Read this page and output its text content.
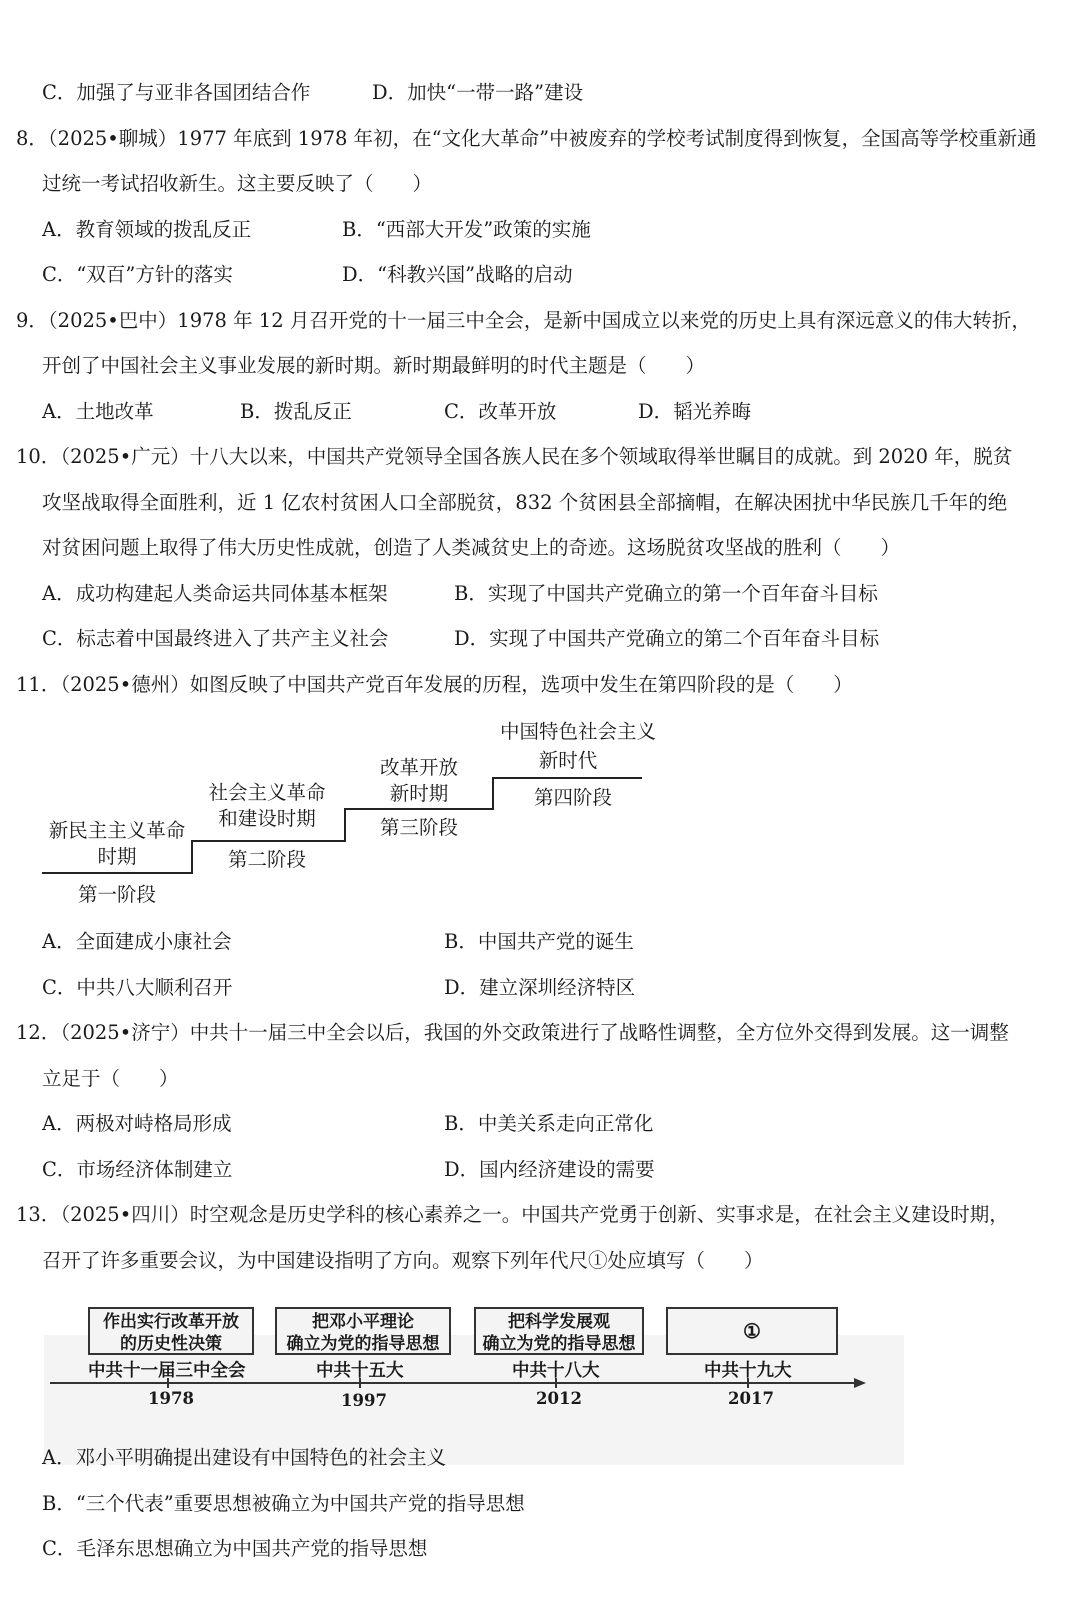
C．加强了与亚非各国团结合作	D．加快“一带一路”建设
8．（2025•聊城）1977 年底到 1978 年初，在“文化大革命”中被废弃的学校考试制度得到恢复，全国高等学校重新通
过统一考试招收新生。这主要反映了（　　）
A．教育领域的拨乱反正	B．“西部大开发”政策的实施
C．“双百”方针的落实	D．“科教兴国”战略的启动
9．（2025•巴中）1978 年 12 月召开党的十一届三中全会，是新中国成立以来党的历史上具有深远意义的伟大转折，
开创了中国社会主义事业发展的新时期。新时期最鲜明的时代主题是（　　）
A．土地改革	B．拨乱反正	C．改革开放	D．韬光养晦
10．（2025•广元）十八大以来，中国共产党领导全国各族人民在多个领域取得举世瞩目的成就。到 2020 年，脱贫
攻坚战取得全面胜利，近 1 亿农村贫困人口全部脱贫，832 个贫困县全部摘帽，在解决困扰中华民族几千年的绝
对贫困问题上取得了伟大历史性成就，创造了人类减贫史上的奇迹。这场脱贫攻坚战的胜利（　　）
A．成功构建起人类命运共同体基本框架	B．实现了中国共产党确立的第一个百年奋斗目标
C．标志着中国最终进入了共产主义社会	D．实现了中国共产党确立的第二个百年奋斗目标
11．（2025•德州）如图反映了中国共产党百年发展的历程，选项中发生在第四阶段的是（　　）
新民主主义革命
时期
第一阶段
社会主义革命
和建设时期
第二阶段
改革开放
新时期
第三阶段
中国特色社会主义
新时代
第四阶段
A．全面建成小康社会	B．中国共产党的诞生
C．中共八大顺利召开	D．建立深圳经济特区
12．（2025•济宁）中共十一届三中全会以后，我国的外交政策进行了战略性调整，全方位外交得到发展。这一调整
立足于（　　）
A．两极对峙格局形成	B．中美关系走向正常化
C．市场经济体制建立	D．国内经济建设的需要
13．（2025•四川）时空观念是历史学科的核心素养之一。中国共产党勇于创新、实事求是，在社会主义建设时期，
召开了许多重要会议，为中国建设指明了方向。观察下列年代尺①处应填写（　　）
作出实行改革开放
的历史性决策
把邓小平理论
确立为党的指导思想
把科学发展观
确立为党的指导思想
①
中共十一届三中全会	中共十五大	中共十八大	中共十九大
1978	1997	2012	2017
A．邓小平明确提出建设有中国特色的社会主义
B．“三个代表”重要思想被确立为中国共产党的指导思想
C．毛泽东思想确立为中国共产党的指导思想
